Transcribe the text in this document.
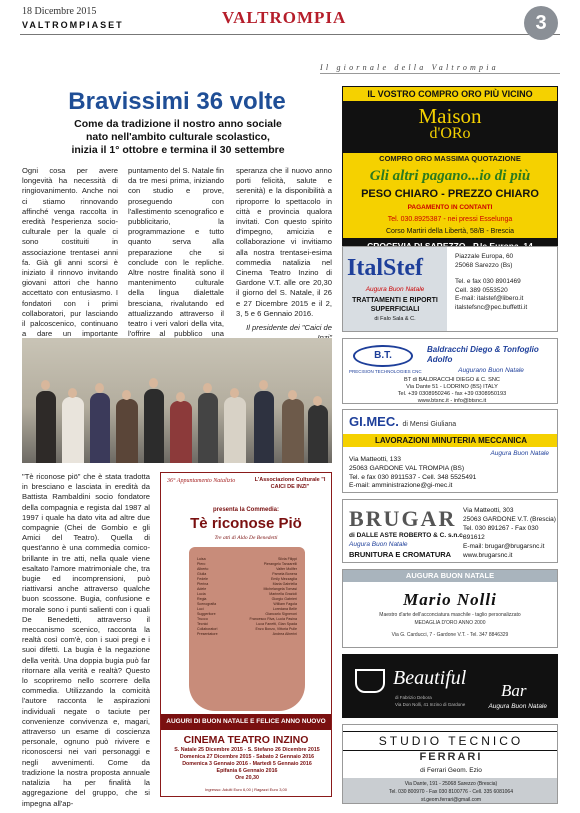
18 Dicembre 2015
VALTROMPIASET	VALTROMPIA	3
Il giornale della Valtrompia
Bravissimi 36 volte
Come da tradizione il nostro anno sociale
nato nell'ambito culturale scolastico,
inizia il 1° ottobre e termina il 30 settembre
Ogni cosa per avere longevità ha necessità di ringiovanimento. Anche noi ci stiamo rinnovando affinché venga raccolta in eredità l'esperienza socio-culturale per la quale ci sono costituiti in associazione trentasei anni fa. Già gli anni scorsi è iniziato il rinnovo invitando giovani attori che hanno accettato con entusiasmo. I fondatori con i primi collaboratori, pur lasciando il palcoscenico, continuano a dare un importante
puntamento del S. Natale fin da tre mesi prima, iniziando con studio e prove, proseguendo con l'allestimento scenografico e pubblicitario, la programmazione e tutto quanto serva alla preparazione che si conclude con le repliche. Altre nostre finalità sono il mantenimento culturale della lingua dialettale bresciana, rivalutando ed attualizzando attraverso il teatro i veri valori della vita, l'offrire al pubblico una
speranza che il nuovo anno porti felicità, salute e serenità) e la disponibilità a riproporre lo spettacolo in città e provincia qualora invitati. Con questo spirito d'impegno, amicizia e collaborazione vi invitiamo alla nostra trentasei-esima commedia natalizia nel Cinema Teatro Inzino di Gardone V.T. alle ore 20,30 il giorno del S. Natale, il 26 e 27 Dicembre 2015 e il 2, 3, 5 e 6 Gennaio 2016.
Il presidente dei "Caici de
"Tè riconose piö" che è stata tradotta in bresciano e lasciata in eredità da Battista Rambaldini socio fondatore della compagnia e regista dal 1987 al 1997 i quale ha dato vita ad altre due compagnie (Chei de Gombio e gli Amici del Teatro). Quella di quest'anno è una commedia comico-brillante in tre atti, nella quale viene esaltato l'amore matrimoniale che, tra bugie ed incomprensioni, può riattivarsi anche attraverso qualche buon scossone. Bugia, confusione e morale sono i punti salienti con i quali De Benedetti, attraverso il meccanismo scenico, racconta la realtà così com'è, con i suoi pregi e i suoi difetti. La bugia è la negazione della verità. Una doppia bugia può far ritornare alla verità e realtà? Questo lo scopriremo nello scorrere della commedia. Utilizzando la comicità l'autore racconta le aspirazioni individuali negate o taciute per convenienze convivenza e, magari, attraverso un esame di coscienza personale, ognuno può rivivere e riconoscersi nei vari personaggi e negli avvenimenti. Come da tradizione la nostra proposta annuale natalizia ha per finalità la aggregazione del gruppo, che si impegna all'ap-
36° Appuntamento Natalizio	L'Associazione Culturale "I CAICI DE INZI"
presenta la Commedia:
Tè riconose Piö
Tre atti di Aldo De Benedetti
Luisa	Silvia Filippi
Piero	Pierangelo Tanzarelli
Alberto	Valter Mollfer
Giulia	Pamela Bonera
Fedele	Emily Mezzaglia
Pierina	Maria Gabriella
Adele	Michelangela Tomasi
Lucia	Marinella Grazioli
Regia	Giorgio Gabrieri
Scenografia	William Fagola
Luci	Loredana Bellè
Suggeritore	Giancarlo Signeroni
Trucco	Francesco Riva, Lucia Pasina
Tecnici	Luca Fanetti, Gian Spada
Collaboratori	Enzo Bonzo, Vittoria Pulle
Presentatore	Andrea Alberini
AUGURI DI BUON NATALE E FELICE ANNO NUOVO
CINEMA TEATRO INZINO
S. Natale 25 Dicembre 2015 - S. Stefano 26 Dicembre 2015
Domenica 27 Dicembre 2015 - Sabato 2 Gennaio 2016
Domenica 3 Gennaio 2016 - Martedì 5 Gennaio 2016
Epifania 6 Gennaio 2016
Ore 20,30
Ingresso: Adulti Euro 6,00 | Ragazzi Euro 3,00
IL VOSTRO COMPRO ORO PIÙ VICINO
Maison
d'ORo
COMPRO ORO MASSIMA QUOTAZIONE
Gli altri pagano...io di più
PESO CHIARO - PREZZO CHIARO
PAGAMENTO IN CONTANTI
Tel. 030.8925387 - nei pressi Esselunga
Corso Martiri della Libertà, 58/B - Brescia
ItalStef
Augura Buon Natale
TRATTAMENTI E RIPORTI SUPERFICIALI
di Falo Sala & C.
Piazzale Europa, 60
25068 Sarezzo (Bs)
Tel. e fax 030 8901469
Cell. 389 0553520
E-mail: italstef@libero.it
italstefsnc@pec.buffetti.it
B.T.
PRECISION TECHNOLOGIES CNC
Baldracchi Diego & Tonfoglio Adolfo
Augurano Buon Natale
BT di BALDRACCHI DIEGO & C. SNC
Via Dante 51 - LODRINO (BS) ITALY
Tel. +39 0308950246 - fax +39 0308950193
www.btsnc.it - info@btsnc.it
GI.MEC. di Mensi Giuliana
LAVORAZIONI MINUTERIA MECCANICA
Augura Buon Natale
Via Matteotti, 133
25063 GARDONE VAL TROMPIA (BS)
Tel. e fax 030 8911537 - Cell. 348 5525491
E-mail: amministrazione@gi-mec.it
BRUGAR
di DALLE ASTE ROBERTO & C. s.n.c.
Augura Buon Natale
BRUNITURA E CROMATURA
Via Matteotti, 303
25063 GARDONE V.T. (Brescia)
Tel. 030 891267 - Fax 030 891612
E-mail: brugar@brugarsnc.it
www.brugarsnc.it
AUGURA BUON NATALE
Mario Nolli
Maestro d'arte dell'acconciatura maschile - taglio personalizzato
MEDAGLIA D'ORO ANNO 2000
Via G. Carducci, 7 - Gardone V.T. - Tel. 347 8846329
Beautiful
Bar
di Fabrizio Debora
Via Don Nolli, 41 Inzino di Gardone	Augura Buon Natale
STUDIO TECNICO
FERRARI
di Ferrari Geom. Ezio
Via Dante, 191 - 25068 Sarezzo (Brescia)
Tel. 030 800970 - Fax 030 8100776 - Cell. 335 6081064
st.geom.ferrari@gmail.com
